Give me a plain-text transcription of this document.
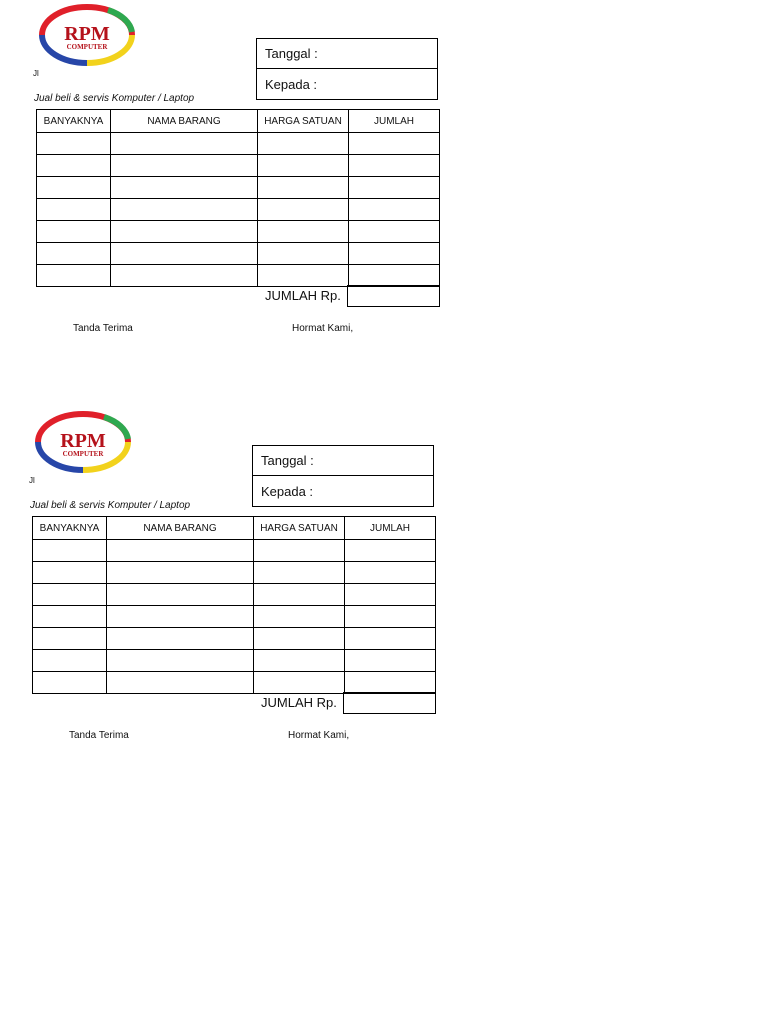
RPM
COMPUTER
Jl
Jual beli & servis Komputer / Laptop
Tanggal :
Kepada :
BANYAKNYA	NAMA BARANG	HARGA SATUAN	JUMLAH

JUMLAH Rp.
Tanda Terima	Hormat Kami,
RPM
COMPUTER
Jl
Jual beli & servis Komputer / Laptop
Tanggal :
Kepada :
BANYAKNYA	NAMA BARANG	HARGA SATUAN	JUMLAH

JUMLAH Rp.
Tanda Terima	Hormat Kami,
